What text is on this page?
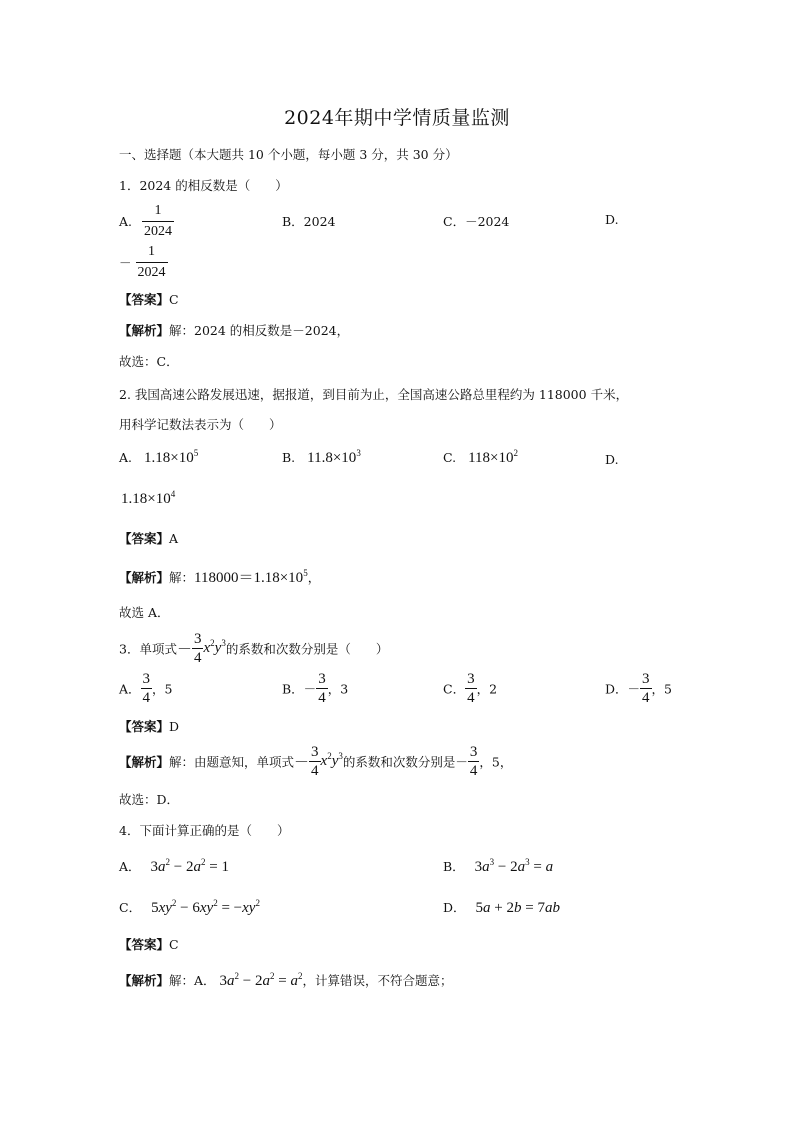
2024年期中学情质量监测
一、选择题（本大题共 10 个小题，每小题 3 分，共 30 分）
1．2024 的相反数是（　　）
A. $\frac{1}{2024}$	B．2024	C．－2024	D.
－ $\frac{1}{2024}$
【答案】C
【解析】解：2024 的相反数是－2024，
故选：C．
2. 我国高速公路发展迅速，据报道，到目前为止，全国高速公路总里程约为 118000 千米，
用科学记数法表示为（　　）
A. $1.18\times 10^5$	B. $11.8\times 10^3$	C. $118\times 10^2$	D.
$1.18\times 10^4$
【答案】A
【解析】解：$118000=1.18\times 10^5$，
故选 A．
3．单项式－ $\frac{3}{4} x^2y^3$的系数和次数分别是（　　）
A． $\frac{3}{4}$ ，5	B．－ $\frac{3}{4}$ ，3	C． $\frac{3}{4}$ ，2	D．－ $\frac{3}{4}$ ，5
【答案】D
【解析】解：由题意知，单项式－ $\frac{3}{4} x^2y^3$的系数和次数分别是－ $\frac{3}{4}$ ，5，
故选：D．
4．下面计算正确的是（　　）
A． $3a^2 - 2a^2 = 1$	B． $3a^3 - 2a^3 = a$
C． $5xy^2 - 6xy^2 = -xy^2$	D． 5a + 2b = 7ab
【答案】C
【解析】解：A． $3a^2 - 2a^2 = a^2$，计算错误，不符合题意；
